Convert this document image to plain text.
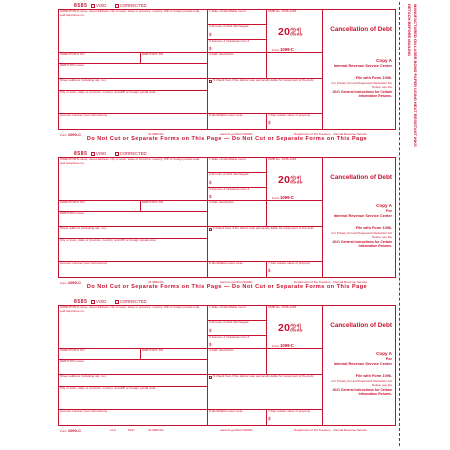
8585 VOID	CORRECTED
CREDITOR'S name, street address, city or town, state or province, country, ZIP or foreign postal code, and telephone no.
1 Date of identifiable event	OMB No. 1545-1424
2 Amount of debt discharged
$
3 Interest, if included in box 2
$
2021
Form 1099-C
Cancellation of Debt
CREDITOR'S TIN	DEBTOR'S TIN	4 Debt description
Copy A
Internal Revenue Service Center
DEBTOR'S name
File with Form 1096.
For Privacy Act and Paperwork Reduction Act Notice, see the
2021 General Instructions for Certain Information Returns.
Street address (including apt. no.)	5 Check here if the debtor was personally liable for repayment of the debt
City or town, state or province, country, and ZIP or foreign postal code
Account number (see instructions)	6 Identifiable event code	7 Fair market value of property
$
Form 1099-C	41-0862411	www.irs.gov/Form1099C	Department of the Treasury - Internal Revenue Service
Do Not Cut or Separate Forms on This Page — Do Not Cut or Separate Forms on This Page
8585 VOID	CORRECTED
CREDITOR'S name, street address, city or town, state or province, country, ZIP or foreign postal code, and telephone no.
1 Date of identifiable event	OMB No. 1545-1424
2 Amount of debt discharged
$
3 Interest, if included in box 2
$
2021
Form 1099-C
Cancellation of Debt
CREDITOR'S TIN	DEBTOR'S TIN	4 Debt description
Copy A
For
Internal Revenue Service Center
DEBTOR'S name
File with Form 1096.
For Privacy Act and Paperwork Reduction Act Notice, see the
2021 General Instructions for Certain Information Returns.
Street address (including apt. no.)	5 Check here if the debtor was personally liable for repayment of the debt
City or town, state or province, country, and ZIP or foreign postal code
Account number (see instructions)	6 Identifiable event code	7 Fair market value of property
$
Form 1099-C	41-0862411	www.irs.gov/Form1099C	Department of the Treasury - Internal Revenue Service
Do Not Cut or Separate Forms on This Page — Do Not Cut or Separate Forms on This Page
8585 VOID	CORRECTED
CREDITOR'S name, street address, city or town, state or province, country, ZIP or foreign postal code, and telephone no.
1 Date of identifiable event	OMB No. 1545-1424
2 Amount of debt discharged
$
3 Interest, if included in box 2
$
2021
Form 1099-C
Cancellation of Debt
CREDITOR'S TIN	DEBTOR'S TIN	4 Debt description
Copy A
For
Internal Revenue Service Center
DEBTOR'S name
File with Form 1096.
For Privacy Act and Paperwork Reduction Act Notice, see the
2021 General Instructions for Certain Information Returns.
Street address (including apt. no.)	5 Check here if the debtor was personally liable for repayment of the debt
City or town, state or province, country, and ZIP or foreign postal code
Account number (see instructions)	6 Identifiable event code	7 Fair market value of property
$
Form 1099-C	LCA	5137	41-0862411	www.irs.gov/Form1099C	Department of the Treasury - Internal Revenue Service
DETACH BEFORE MAILING MANUFACTURED ON LASER BOND PAPER USING HEAT RESISTANT INKS
